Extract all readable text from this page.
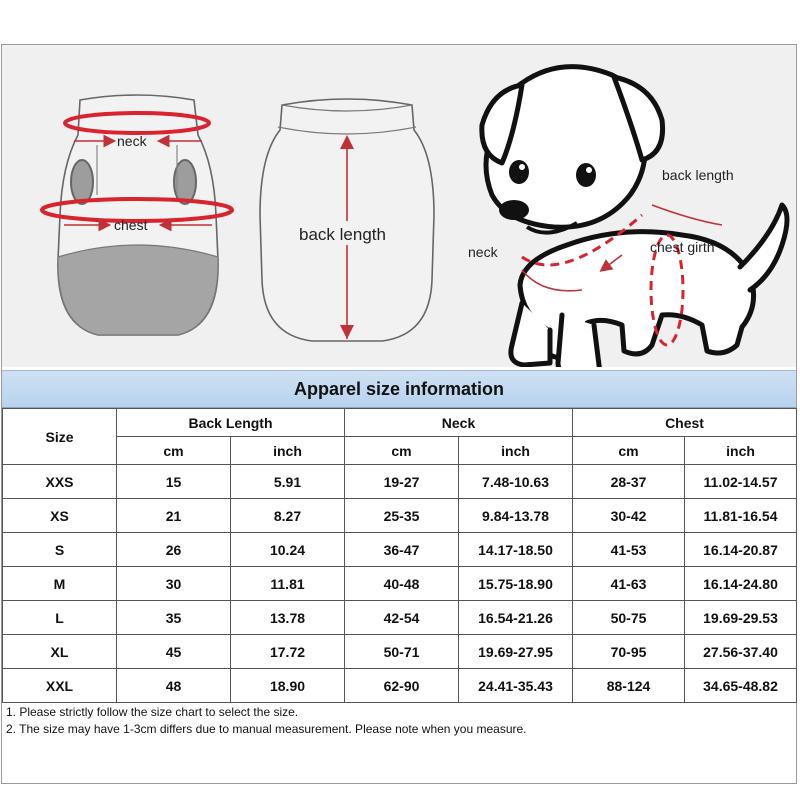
neck
chest	back length
back length
neck	chest girth
Apparel size information
Size	Back Length		Neck		Chest	
	cm	inch	cm	inch	cm	inch
XXS	15	5.91	19-27	7.48-10.63	28-37	11.02-14.57
XS	21	8.27	25-35	9.84-13.78	30-42	11.81-16.54
S	26	10.24	36-47	14.17-18.50	41-53	16.14-20.87
M	30	11.81	40-48	15.75-18.90	41-63	16.14-24.80
L	35	13.78	42-54	16.54-21.26	50-75	19.69-29.53
XL	45	17.72	50-71	19.69-27.95	70-95	27.56-37.40
XXL	48	18.90	62-90	24.41-35.43	88-124	34.65-48.82
1. Please strictly follow the size chart to select the size.
2. The size may have 1-3cm differs due to manual measurement. Please note when you measure.
